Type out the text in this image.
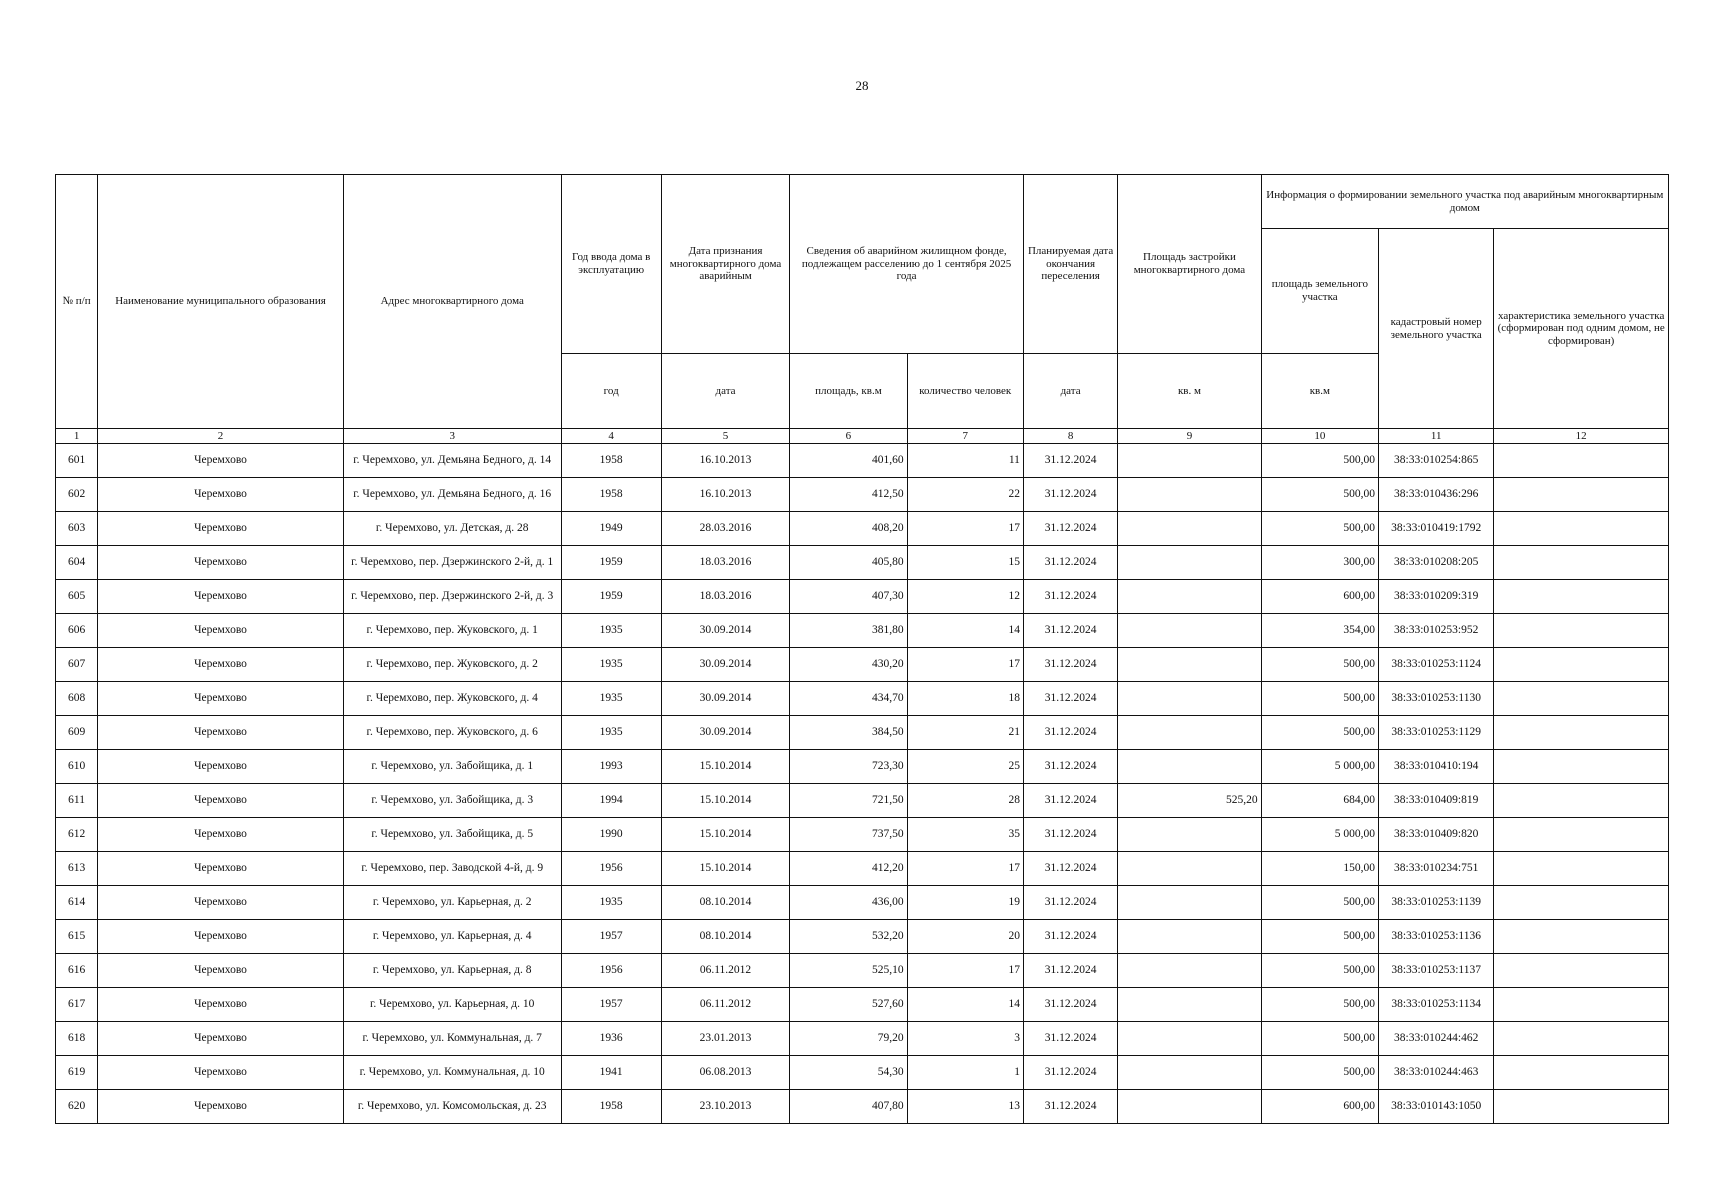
28
№ п/п	Наименование муниципального образования	Адрес многоквартирного дома	Год ввода дома в эксплуатацию	Дата признания многоквартирного дома аварийным	Сведения об аварийном жилищном фонде, подлежащем расселению до 1 сентября 2025 года		Планируемая дата окончания переселения	Площадь застройки многоквартирного дома	Информация о формировании земельного участка под аварийным многоквартирным домом		
									площадь земельного участка	кадастровый номер земельного участка	характеристика земельного участка (сформирован под одним домом, не сформирован)
			год	дата	площадь, кв.м	количество человек	дата	кв. м	кв.м		
1	2	3	4	5	6	7	8	9	10	11	12
601	Черемхово	г. Черемхово, ул. Демьяна Бедного, д. 14	1958	16.10.2013	401,60	11	31.12.2024		500,00	38:33:010254:865	
602	Черемхово	г. Черемхово, ул. Демьяна Бедного, д. 16	1958	16.10.2013	412,50	22	31.12.2024		500,00	38:33:010436:296	
603	Черемхово	г. Черемхово, ул. Детская, д. 28	1949	28.03.2016	408,20	17	31.12.2024		500,00	38:33:010419:1792	
604	Черемхово	г. Черемхово, пер. Дзержинского 2-й, д. 1	1959	18.03.2016	405,80	15	31.12.2024		300,00	38:33:010208:205	
605	Черемхово	г. Черемхово, пер. Дзержинского 2-й, д. 3	1959	18.03.2016	407,30	12	31.12.2024		600,00	38:33:010209:319	
606	Черемхово	г. Черемхово, пер. Жуковского, д. 1	1935	30.09.2014	381,80	14	31.12.2024		354,00	38:33:010253:952	
607	Черемхово	г. Черемхово, пер. Жуковского, д. 2	1935	30.09.2014	430,20	17	31.12.2024		500,00	38:33:010253:1124	
608	Черемхово	г. Черемхово, пер. Жуковского, д. 4	1935	30.09.2014	434,70	18	31.12.2024		500,00	38:33:010253:1130	
609	Черемхово	г. Черемхово, пер. Жуковского, д. 6	1935	30.09.2014	384,50	21	31.12.2024		500,00	38:33:010253:1129	
610	Черемхово	г. Черемхово, ул. Забойщика, д. 1	1993	15.10.2014	723,30	25	31.12.2024		5 000,00	38:33:010410:194	
611	Черемхово	г. Черемхово, ул. Забойщика, д. 3	1994	15.10.2014	721,50	28	31.12.2024	525,20	684,00	38:33:010409:819	
612	Черемхово	г. Черемхово, ул. Забойщика, д. 5	1990	15.10.2014	737,50	35	31.12.2024		5 000,00	38:33:010409:820	
613	Черемхово	г. Черемхово, пер. Заводской 4-й, д. 9	1956	15.10.2014	412,20	17	31.12.2024		150,00	38:33:010234:751	
614	Черемхово	г. Черемхово, ул. Карьерная, д. 2	1935	08.10.2014	436,00	19	31.12.2024		500,00	38:33:010253:1139	
615	Черемхово	г. Черемхово, ул. Карьерная, д. 4	1957	08.10.2014	532,20	20	31.12.2024		500,00	38:33:010253:1136	
616	Черемхово	г. Черемхово, ул. Карьерная, д. 8	1956	06.11.2012	525,10	17	31.12.2024		500,00	38:33:010253:1137	
617	Черемхово	г. Черемхово, ул. Карьерная, д. 10	1957	06.11.2012	527,60	14	31.12.2024		500,00	38:33:010253:1134	
618	Черемхово	г. Черемхово, ул. Коммунальная, д. 7	1936	23.01.2013	79,20	3	31.12.2024		500,00	38:33:010244:462	
619	Черемхово	г. Черемхово, ул. Коммунальная, д. 10	1941	06.08.2013	54,30	1	31.12.2024		500,00	38:33:010244:463	
620	Черемхово	г. Черемхово, ул. Комсомольская, д. 23	1958	23.10.2013	407,80	13	31.12.2024		600,00	38:33:010143:1050	
